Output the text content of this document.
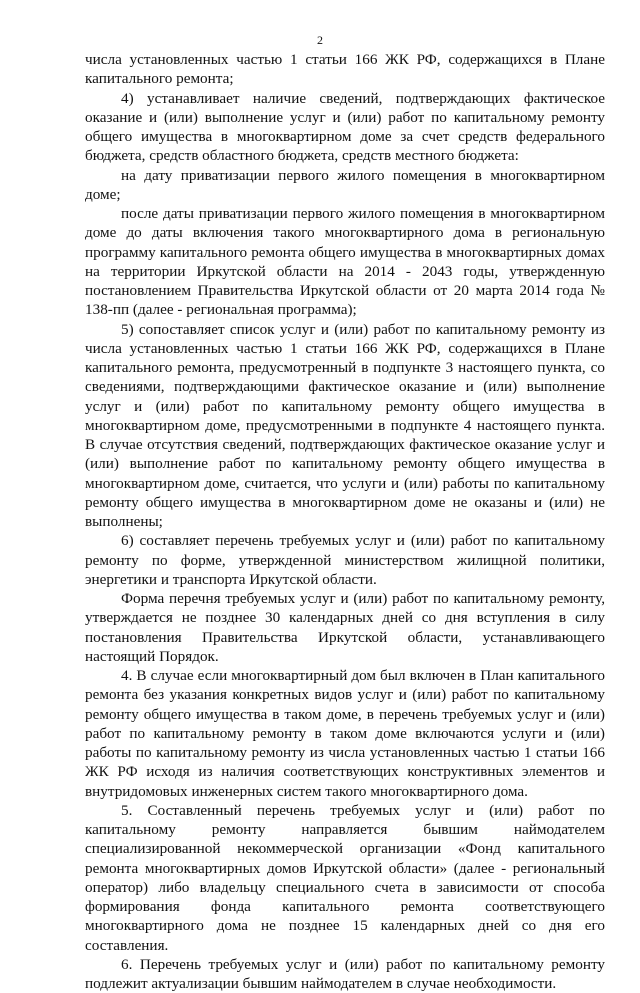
2

числа установленных частью 1 статьи 166 ЖК РФ, содержащихся в Плане капитального ремонта;

4) устанавливает наличие сведений, подтверждающих фактическое оказание и (или) выполнение услуг и (или) работ по капитальному ремонту общего имущества в многоквартирном доме за счет средств федерального бюджета, средств областного бюджета, средств местного бюджета:

на дату приватизации первого жилого помещения в многоквартирном доме;

после даты приватизации первого жилого помещения в многоквартирном доме до даты включения такого многоквартирного дома в региональную программу капитального ремонта общего имущества в многоквартирных домах на территории Иркутской области на 2014 - 2043 годы, утвержденную постановлением Правительства Иркутской области от 20 марта 2014 года № 138-пп (далее - региональная программа);

5) сопоставляет список услуг и (или) работ по капитальному ремонту из числа установленных частью 1 статьи 166 ЖК РФ, содержащихся в Плане капитального ремонта, предусмотренный в подпункте 3 настоящего пункта, со сведениями, подтверждающими фактическое оказание и (или) выполнение услуг и (или) работ по капитальному ремонту общего имущества в многоквартирном доме, предусмотренными в подпункте 4 настоящего пункта. В случае отсутствия сведений, подтверждающих фактическое оказание услуг и (или) выполнение работ по капитальному ремонту общего имущества в многоквартирном доме, считается, что услуги и (или) работы по капитальному ремонту общего имущества в многоквартирном доме не оказаны и (или) не выполнены;

6) составляет перечень требуемых услуг и (или) работ по капитальному ремонту по форме, утвержденной министерством жилищной политики, энергетики и транспорта Иркутской области.

Форма перечня требуемых услуг и (или) работ по капитальному ремонту, утверждается не позднее 30 календарных дней со дня вступления в силу постановления Правительства Иркутской области, устанавливающего настоящий Порядок.

4. В случае если многоквартирный дом был включен в План капитального ремонта без указания конкретных видов услуг и (или) работ по капитальному ремонту общего имущества в таком доме, в перечень требуемых услуг и (или) работ по капитальному ремонту в таком доме включаются услуги и (или) работы по капитальному ремонту из числа установленных частью 1 статьи 166 ЖК РФ исходя из наличия соответствующих конструктивных элементов и внутридомовых инженерных систем такого многоквартирного дома.

5. Составленный перечень требуемых услуг и (или) работ по капитальному ремонту направляется бывшим наймодателем специализированной некоммерческой организации «Фонд капитального ремонта многоквартирных домов Иркутской области» (далее - региональный оператор) либо владельцу специального счета в зависимости от способа формирования фонда капитального ремонта соответствующего многоквартирного дома не позднее 15 календарных дней со дня его составления.

6. Перечень требуемых услуг и (или) работ по капитальному ремонту подлежит актуализации бывшим наймодателем в случае необходимости.
